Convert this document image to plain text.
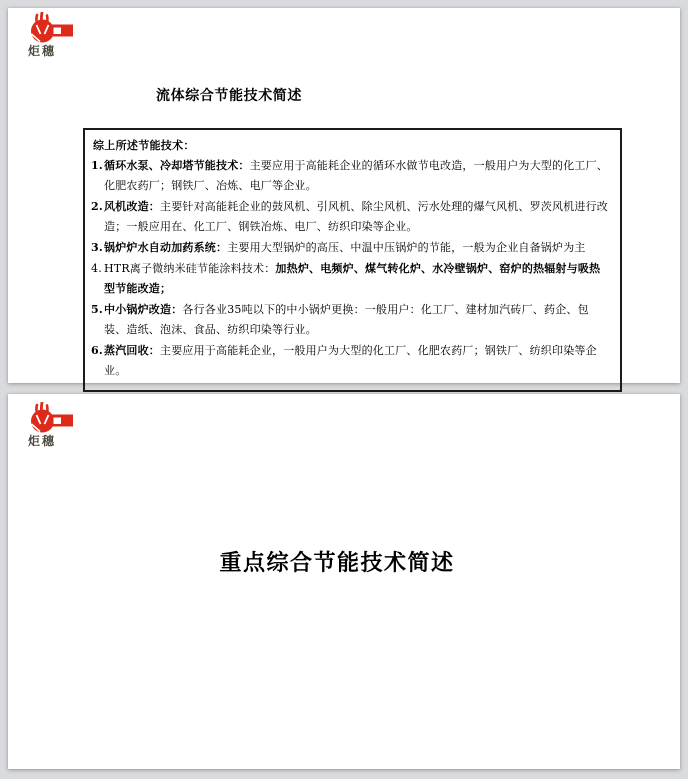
炬穗
流体综合节能技术简述
综上所述节能技术：
1. 循环水泵、冷却塔节能技术：主要应用于高能耗企业的循环水做节电改造，一般用户为大型的化工厂、化肥农药厂；钢铁厂、冶炼、电厂等企业。
2. 风机改造：主要针对高能耗企业的鼓风机、引风机、除尘风机、污水处理的爆气风机、罗茨风机进行改造；一般应用在、化工厂、钢铁冶炼、电厂、纺织印染等企业。
3. 锅炉炉水自动加药系统：主要用大型锅炉的高压、中温中压锅炉的节能，一般为企业自备锅炉为主
4. HTR离子微纳米硅节能涂料技术：加热炉、电频炉、煤气转化炉、水冷壁锅炉、窑炉的热辐射与吸热型节能改造；
5. 中小锅炉改造：各行各业35吨以下的中小锅炉更换：一般用户：化工厂、建材加汽砖厂、药企、包装、造纸、泡沫、食品、纺织印染等行业。
6. 蒸汽回收：主要应用于高能耗企业，一般用户为大型的化工厂、化肥农药厂；钢铁厂、纺织印染等企业。
炬穗
重点综合节能技术简述
